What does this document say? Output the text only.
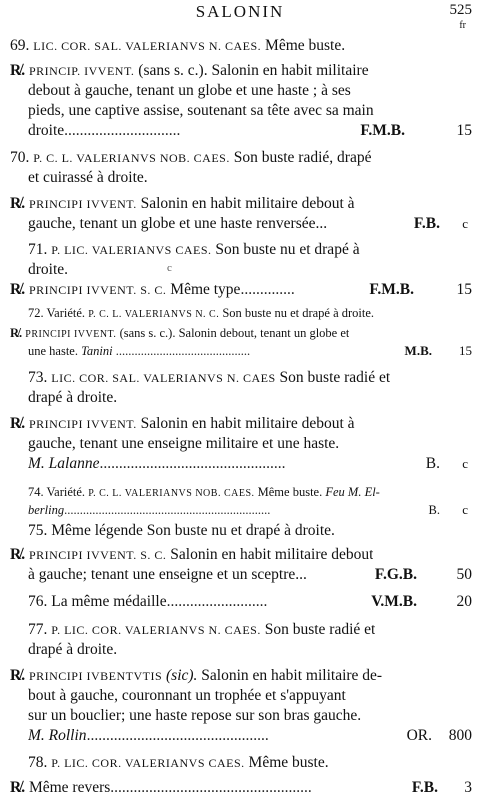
SALONIN	525
fr
69. LIC. COR. SAL. VALERIANVS N. CAES. Même buste.
R̸. PRINCIP. IVVENT. (sans s. c.). Salonin en habit militaire
debout à gauche, tenant un globe et une haste ; à ses
pieds, une captive assise, soutenant sa tête avec sa main
droite..............................	F.M.B.	15
70. P. C. L. VALERIANVS NOB. CAES. Son buste radié, drapé
et cuirassé à droite.
R̸. PRINCIPI IVVENT. Salonin en habit militaire debout à
gauche, tenant un globe et une haste renversée...	F.B. c
71. P. LIC. VALERIANVS CAES. Son buste nu et drapé à
droite.	c
R̸. PRINCIPI IVVENT. S. C. Même type..............	F.M.B.	15
72. Variété. P. C. L. VALERIANVS N. C. Son buste nu et drapé à droite.
R̸. PRINCIPI IVVENT. (sans s. c.). Salonin debout, tenant un globe et
une haste. Tanini ...........................................	M.B. 15
73. LIC. COR. SAL. VALERIANVS N. CAES Son buste radié et
drapé à droite.
R̸. PRINCIPI IVVENT. Salonin en habit militaire debout à
gauche, tenant une enseigne militaire et une haste.
M. Lalanne................................................	B. c
74. Variété. P. C. L. VALERIANVS NOB. CAES. Même buste. Feu M. El-
berling..................................................................	B. c
75. Même légende Son buste nu et drapé à droite.
R̸. PRINCIPI IVVENT. S. C. Salonin en habit militaire debout
à gauche; tenant une enseigne et un sceptre...	F.G.B.	50
76. La même médaille..........................	V.M.B.	20
77. P. LIC. COR. VALERIANVS N. CAES. Son buste radié et
drapé à droite.
R̸. PRINCIPI IVBENTVTIS (sic). Salonin en habit militaire de-
bout à gauche, couronnant un trophée et s'appuyant
sur un bouclier; une haste repose sur son bras gauche.
M. Rollin...............................................	OR. 800
78. P. LIC. COR. VALERIANVS CAES. Même buste.
R̸. Même revers....................................................	F.B. 3
